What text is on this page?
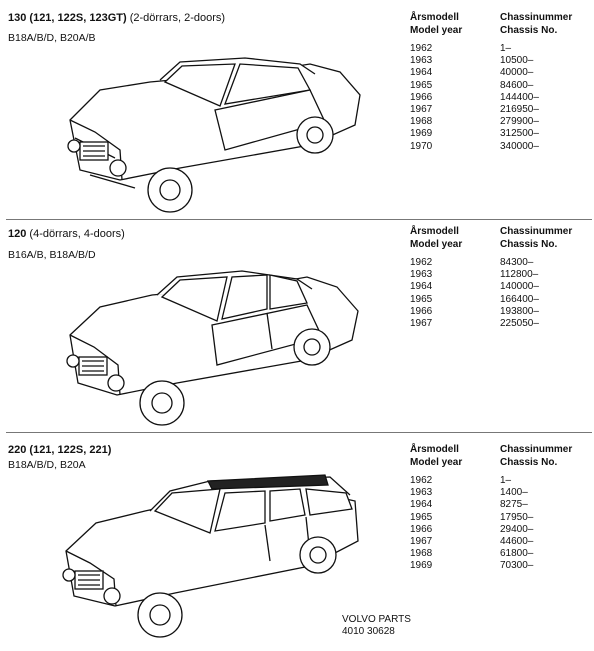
130 (121, 122S, 123GT) (2-dörrars, 2-doors)
B18A/B/D, B20A/B
Årsmodell
Model year
Chassinummer
Chassis No.
1962
1963
1964
1965
1966
1967
1968
1969
1970
1–
10500–
40000–
84600–
144400–
216950–
279900–
312500–
340000–
120 (4-dörrars, 4-doors)
B16A/B, B18A/B/D
Årsmodell
Model year
Chassinummer
Chassis No.
1962
1963
1964
1965
1966
1967
84300–
112800–
140000–
166400–
193800–
225050–
220 (121, 122S, 221)
B18A/B/D, B20A
Årsmodell
Model year
Chassinummer
Chassis No.
1962
1963
1964
1965
1966
1967
1968
1969
1–
1400–
8275–
17950–
29400–
44600–
61800–
70300–
VOLVO PARTS
4010 30628
